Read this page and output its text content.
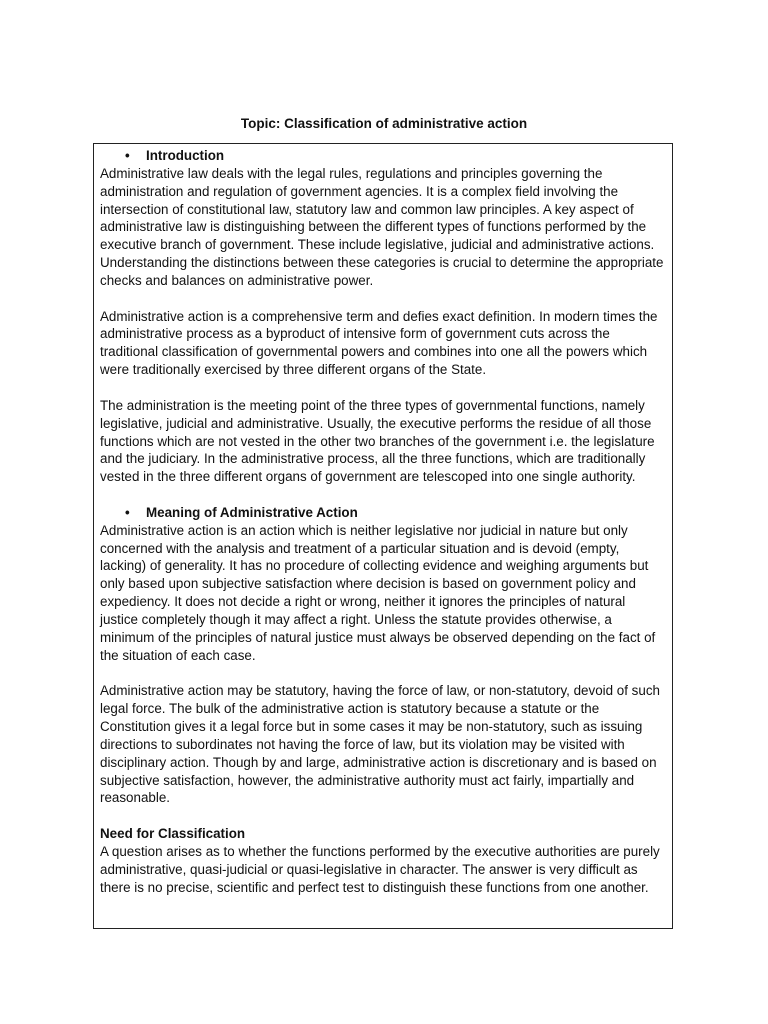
Topic: Classification of administrative action
• Introduction

Administrative law deals with the legal rules, regulations and principles governing the administration and regulation of government agencies. It is a complex field involving the intersection of constitutional law, statutory law and common law principles. A key aspect of administrative law is distinguishing between the different types of functions performed by the executive branch of government. These include legislative, judicial and administrative actions. Understanding the distinctions between these categories is crucial to determine the appropriate checks and balances on administrative power.

Administrative action is a comprehensive term and defies exact definition. In modern times the administrative process as a byproduct of intensive form of government cuts across the traditional classification of governmental powers and combines into one all the powers which were traditionally exercised by three different organs of the State.

The administration is the meeting point of the three types of governmental functions, namely legislative, judicial and administrative. Usually, the executive performs the residue of all those functions which are not vested in the other two branches of the government i.e. the legislature and the judiciary. In the administrative process, all the three functions, which are traditionally vested in the three different organs of government are telescoped into one single authority.

• Meaning of Administrative Action

Administrative action is an action which is neither legislative nor judicial in nature but only concerned with the analysis and treatment of a particular situation and is devoid (empty, lacking) of generality. It has no procedure of collecting evidence and weighing arguments but only based upon subjective satisfaction where decision is based on government policy and expediency. It does not decide a right or wrong, neither it ignores the principles of natural justice completely though it may affect a right. Unless the statute provides otherwise, a minimum of the principles of natural justice must always be observed depending on the fact of the situation of each case.

Administrative action may be statutory, having the force of law, or non-statutory, devoid of such legal force. The bulk of the administrative action is statutory because a statute or the Constitution gives it a legal force but in some cases it may be non-statutory, such as issuing directions to subordinates not having the force of law, but its violation may be visited with disciplinary action. Though by and large, administrative action is discretionary and is based on subjective satisfaction, however, the administrative authority must act fairly, impartially and reasonable.

Need for Classification

A question arises as to whether the functions performed by the executive authorities are purely administrative, quasi-judicial or quasi-legislative in character. The answer is very difficult as there is no precise, scientific and perfect test to distinguish these functions from one another.
